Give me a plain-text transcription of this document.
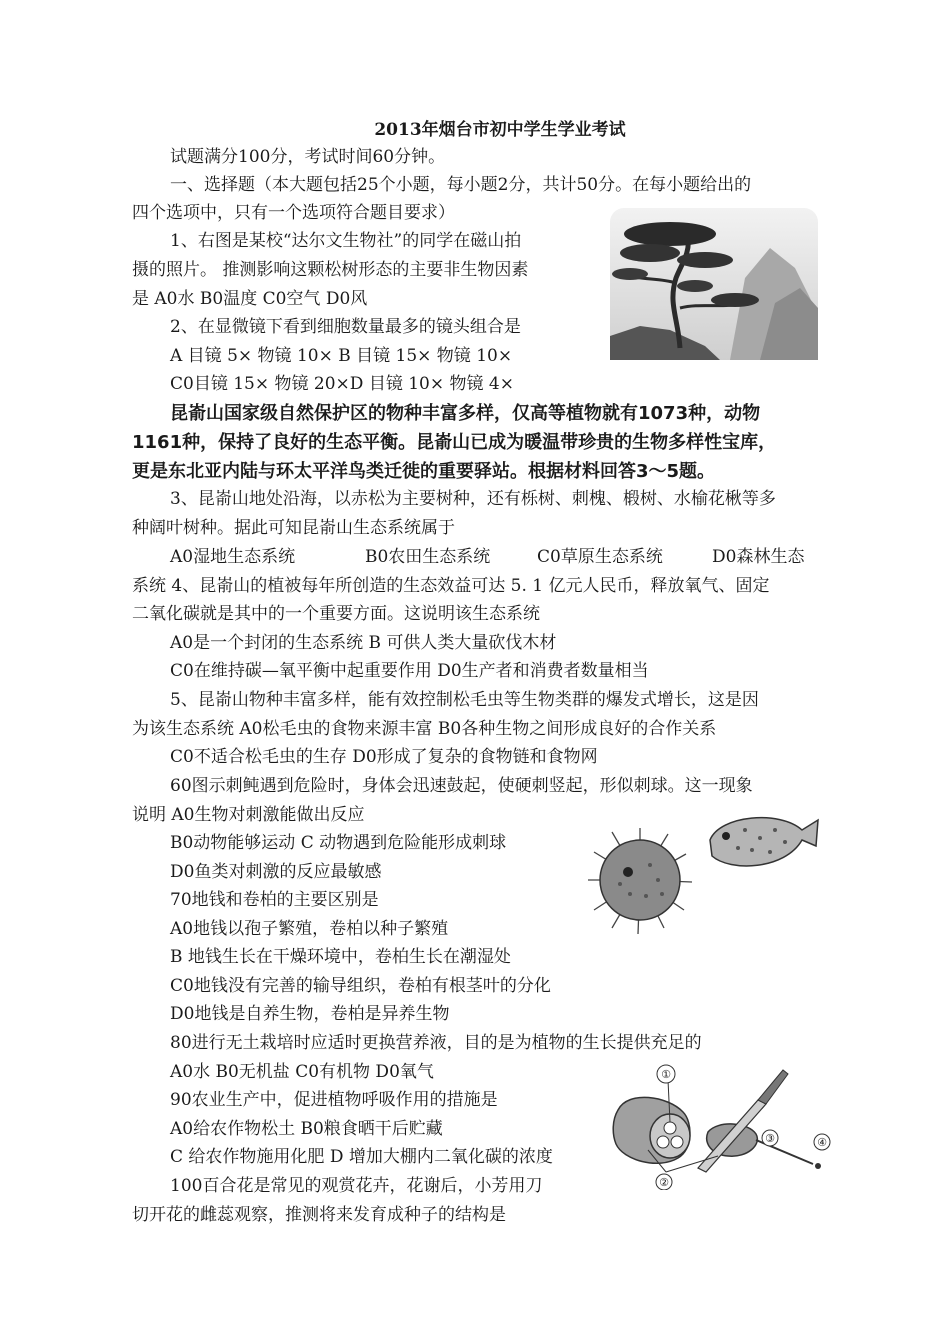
2013年烟台市初中学生学业考试
试题满分100分，考试时间60分钟。
一、选择题（本大题包括25个小题，每小题2分，共计50分。在每小题给出的
四个选项中，只有一个选项符合题目要求）
1、右图是某校“达尔文生物社”的同学在磁山拍
摄的照片。 推测影响这颗松树形态的主要非生物因素
是 A0水 B0温度 C0空气 D0风
2、在显微镜下看到细胞数量最多的镜头组合是
A 目镜 5× 物镜 10× B 目镜 15× 物镜 10×
C0目镜 15× 物镜 20×D 目镜 10× 物镜 4×
昆嵛山国家级自然保护区的物种丰富多样，仅高等植物就有1073种，动物
1161种，保持了良好的生态平衡。昆嵛山已成为暖温带珍贵的生物多样性宝库，
更是东北亚内陆与环太平洋鸟类迁徙的重要驿站。根据材料回答3～5题。
3、昆嵛山地处沿海，以赤松为主要树种，还有栎树、刺槐、椴树、水榆花楸等多
种阔叶树种。据此可知昆嵛山生态系统属于
A0湿地生态系统	B0农田生态系统	C0草原生态系统	D0森林生态
系统 4、昆嵛山的植被每年所创造的生态效益可达 5. 1 亿元人民币，释放氧气、固定
二氧化碳就是其中的一个重要方面。这说明该生态系统
A0是一个封闭的生态系统 B 可供人类大量砍伐木材
C0在维持碳—氧平衡中起重要作用 D0生产者和消费者数量相当
5、昆嵛山物种丰富多样，能有效控制松毛虫等生物类群的爆发式增长，这是因
为该生态系统 A0松毛虫的食物来源丰富 B0各种生物之间形成良好的合作关系
C0不适合松毛虫的生存 D0形成了复杂的食物链和食物网
60图示刺鲀遇到危险时，身体会迅速鼓起，使硬刺竖起，形似刺球。这一现象
说明 A0生物对刺激能做出反应
B0动物能够运动 C 动物遇到危险能形成刺球
D0鱼类对刺激的反应最敏感
70地钱和卷柏的主要区别是
A0地钱以孢子繁殖，卷柏以种子繁殖
B 地钱生长在干燥环境中，卷柏生长在潮湿处
C0地钱没有完善的输导组织，卷柏有根茎叶的分化
D0地钱是自养生物，卷柏是异养生物
80进行无土栽培时应适时更换营养液，目的是为植物的生长提供充足的
A0水 B0无机盐 C0有机物 D0氧气
90农业生产中，促进植物呼吸作用的措施是
A0给农作物松土 B0粮食晒干后贮藏
C 给农作物施用化肥 D 增加大棚内二氧化碳的浓度
100百合花是常见的观赏花卉，花谢后，小芳用刀
切开花的雌蕊观察，推测将来发育成种子的结构是
①
②
③	④
